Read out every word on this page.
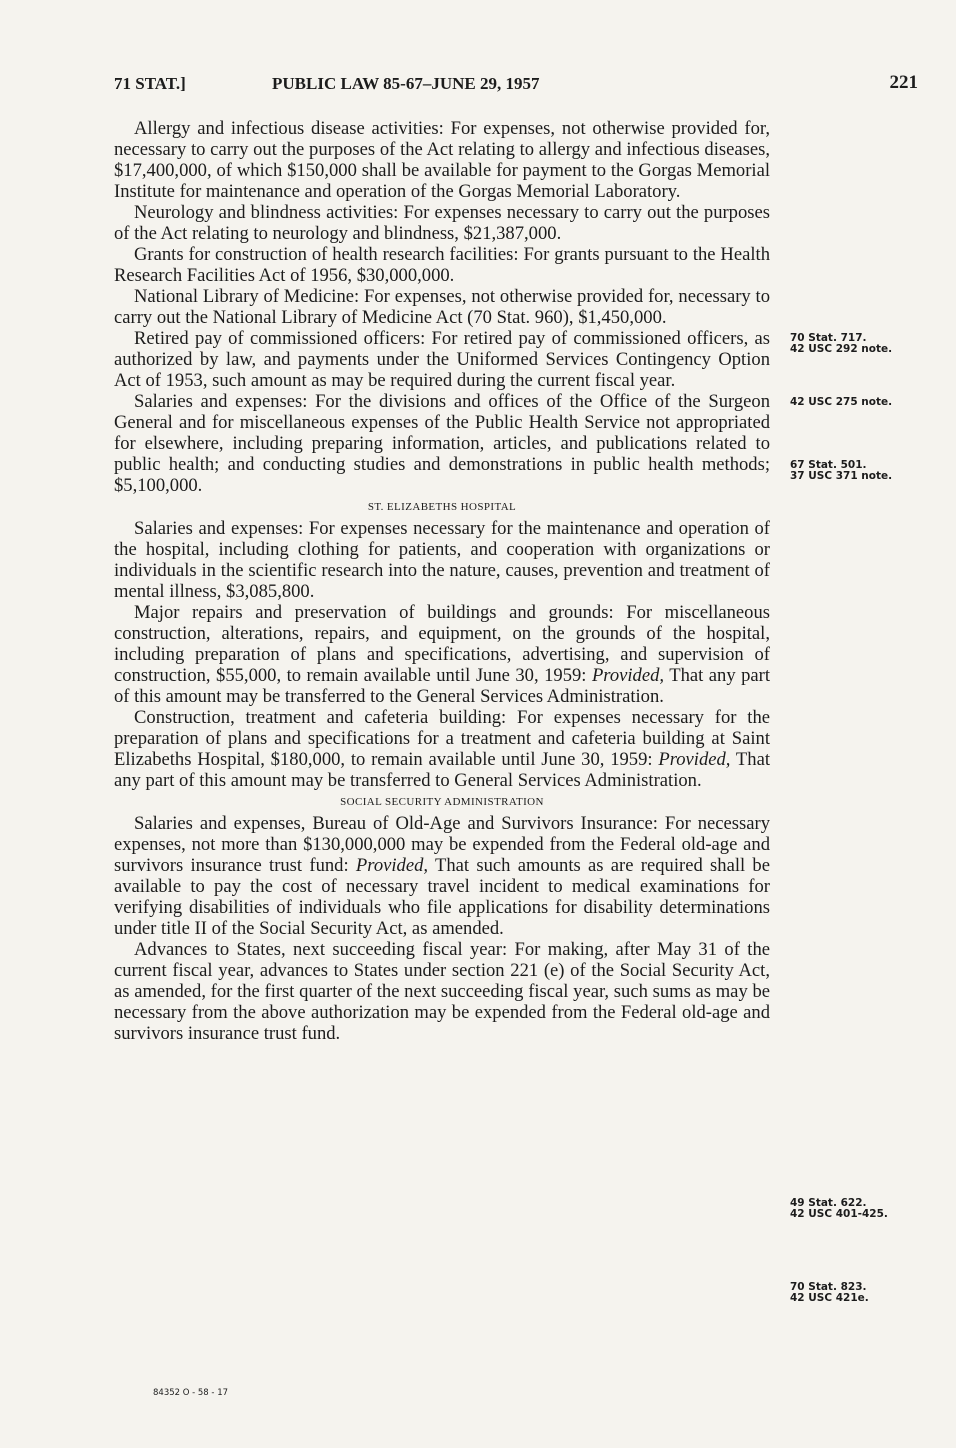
71 STAT.]	PUBLIC LAW 85-67–JUNE 29, 1957	221

Allergy and infectious disease activities: For expenses, not otherwise provided for, necessary to carry out the purposes of the Act relating to allergy and infectious diseases, $17,400,000, of which $150,000 shall be available for payment to the Gorgas Memorial Institute for maintenance and operation of the Gorgas Memorial Laboratory.

Neurology and blindness activities: For expenses necessary to carry out the purposes of the Act relating to neurology and blindness, $21,387,000.

Grants for construction of health research facilities: For grants pursuant to the Health Research Facilities Act of 1956, $30,000,000.

National Library of Medicine: For expenses, not otherwise provided for, necessary to carry out the National Library of Medicine Act (70 Stat. 960), $1,450,000.

Retired pay of commissioned officers: For retired pay of commissioned officers, as authorized by law, and payments under the Uniformed Services Contingency Option Act of 1953, such amount as may be required during the current fiscal year.

Salaries and expenses: For the divisions and offices of the Office of the Surgeon General and for miscellaneous expenses of the Public Health Service not appropriated for elsewhere, including preparing information, articles, and publications related to public health; and conducting studies and demonstrations in public health methods; $5,100,000.

ST. ELIZABETHS HOSPITAL

Salaries and expenses: For expenses necessary for the maintenance and operation of the hospital, including clothing for patients, and cooperation with organizations or individuals in the scientific research into the nature, causes, prevention and treatment of mental illness, $3,085,800.

Major repairs and preservation of buildings and grounds: For miscellaneous construction, alterations, repairs, and equipment, on the grounds of the hospital, including preparation of plans and specifications, advertising, and supervision of construction, $55,000, to remain available until June 30, 1959: Provided, That any part of this amount may be transferred to the General Services Administration.

Construction, treatment and cafeteria building: For expenses necessary for the preparation of plans and specifications for a treatment and cafeteria building at Saint Elizabeths Hospital, $180,000, to remain available until June 30, 1959: Provided, That any part of this amount may be transferred to General Services Administration.

SOCIAL SECURITY ADMINISTRATION

Salaries and expenses, Bureau of Old-Age and Survivors Insurance: For necessary expenses, not more than $130,000,000 may be expended from the Federal old-age and survivors insurance trust fund: Provided, That such amounts as are required shall be available to pay the cost of necessary travel incident to medical examinations for verifying disabilities of individuals who file applications for disability determinations under title II of the Social Security Act, as amended.

Advances to States, next succeeding fiscal year: For making, after May 31 of the current fiscal year, advances to States under section 221 (e) of the Social Security Act, as amended, for the first quarter of the next succeeding fiscal year, such sums as may be necessary from the above authorization may be expended from the Federal old-age and survivors insurance trust fund.

70 Stat. 717.
42 USC 292 note.
42 USC 275 note.
67 Stat. 501.
37 USC 371 note.
49 Stat. 622.
42 USC 401-425.
70 Stat. 823.
42 USC 421e.
84352 O - 58 - 17
